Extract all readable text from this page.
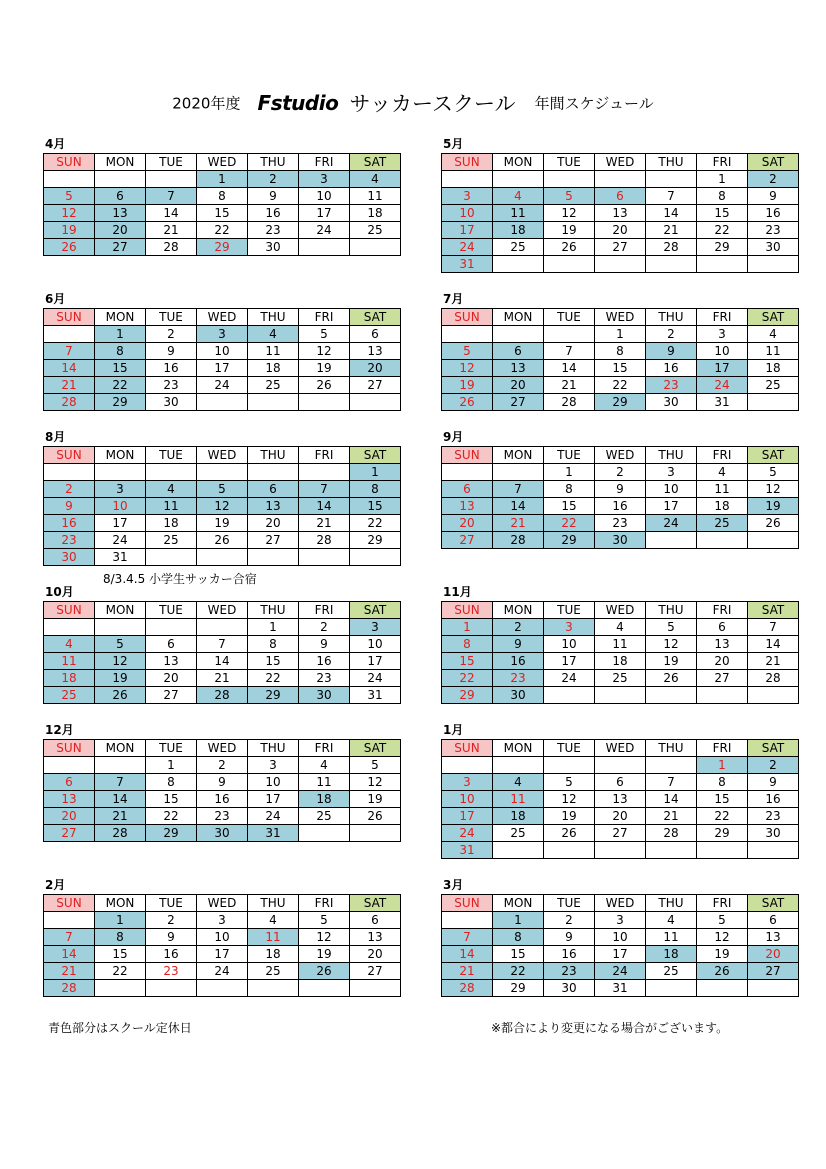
2020年度 Fstudio サッカースクール 年間スケジュール
4月
SUN	MON	TUE	WED	THU	FRI	SAT
			1	2	3	4
5	6	7	8	9	10	11
12	13	14	15	16	17	18
19	20	21	22	23	24	25
26	27	28	29	30		
5月
SUN	MON	TUE	WED	THU	FRI	SAT
					1	2
3	4	5	6	7	8	9
10	11	12	13	14	15	16
17	18	19	20	21	22	23
24	25	26	27	28	29	30
31						
6月
SUN	MON	TUE	WED	THU	FRI	SAT
	1	2	3	4	5	6
7	8	9	10	11	12	13
14	15	16	17	18	19	20
21	22	23	24	25	26	27
28	29	30				
7月
SUN	MON	TUE	WED	THU	FRI	SAT
			1	2	3	4
5	6	7	8	9	10	11
12	13	14	15	16	17	18
19	20	21	22	23	24	25
26	27	28	29	30	31	
8月
SUN	MON	TUE	WED	THU	FRI	SAT
						1
2	3	4	5	6	7	8
9	10	11	12	13	14	15
16	17	18	19	20	21	22
23	24	25	26	27	28	29
30	31					
9月
SUN	MON	TUE	WED	THU	FRI	SAT
		1	2	3	4	5
6	7	8	9	10	11	12
13	14	15	16	17	18	19
20	21	22	23	24	25	26
27	28	29	30			
10月
SUN	MON	TUE	WED	THU	FRI	SAT
				1	2	3
4	5	6	7	8	9	10
11	12	13	14	15	16	17
18	19	20	21	22	23	24
25	26	27	28	29	30	31
11月
SUN	MON	TUE	WED	THU	FRI	SAT
1	2	3	4	5	6	7
8	9	10	11	12	13	14
15	16	17	18	19	20	21
22	23	24	25	26	27	28
29	30					
12月
SUN	MON	TUE	WED	THU	FRI	SAT
		1	2	3	4	5
6	7	8	9	10	11	12
13	14	15	16	17	18	19
20	21	22	23	24	25	26
27	28	29	30	31		
1月
SUN	MON	TUE	WED	THU	FRI	SAT
					1	2
3	4	5	6	7	8	9
10	11	12	13	14	15	16
17	18	19	20	21	22	23
24	25	26	27	28	29	30
31						
2月
SUN	MON	TUE	WED	THU	FRI	SAT
	1	2	3	4	5	6
7	8	9	10	11	12	13
14	15	16	17	18	19	20
21	22	23	24	25	26	27
28						
3月
SUN	MON	TUE	WED	THU	FRI	SAT
	1	2	3	4	5	6
7	8	9	10	11	12	13
14	15	16	17	18	19	20
21	22	23	24	25	26	27
28	29	30	31			
8/3.4.5 小学生サッカー合宿
青色部分はスクール定休日	※都合により変更になる場合がございます。
